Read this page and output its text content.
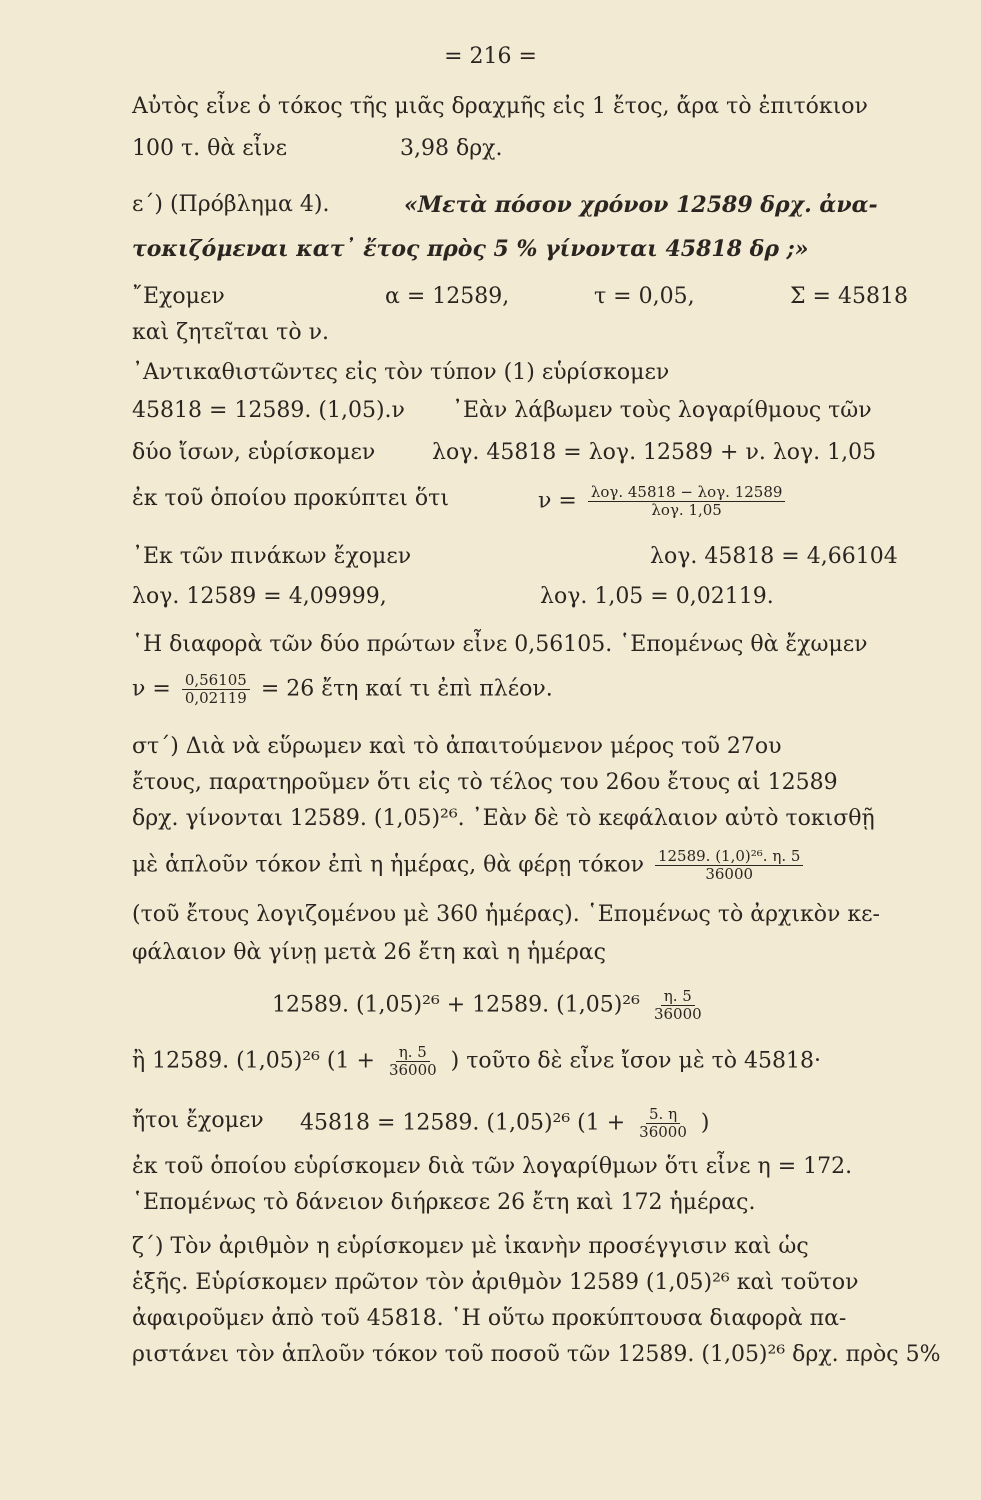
= 216 =
Αὐτὸς εἶνε ὁ τόκος τῆς μιᾶς δραχμῆς εἰς 1 ἔτος, ἄρα τὸ ἐπιτόκιον
100 τ. θὰ εἶνε	3,98 δρχ.
ε΄) (Πρόβλημα 4).	«Μετὰ πόσον χρόνον 12589 δρχ. ἀνα-
τοκιζόμεναι κατ᾽ ἔτος πρὸς 5 % γίνονται 45818 δρ ;»
῎Εχομεν	α = 12589,	τ = 0,05,	Σ = 45818
καὶ ζητεῖται τὸ ν.
᾽Αντικαθιστῶντες εἰς τὸν τύπον (1) εὑρίσκομεν
45818 = 12589. (1,05).ν ᾽Εὰν λάβωμεν τοὺς λογαρίθμους τῶν
δύο ἴσων, εὑρίσκομεν	λογ. 45818 = λογ. 12589 + ν. λογ. 1,05
ἐκ τοῦ ὁποίου προκύπτει ὅτι	$\nu = \frac{\text{λογ. 45818 − λογ. 12589}}{\text{λογ. 1,05}}$
᾽Εκ τῶν πινάκων ἔχομεν	λογ. 45818 = 4,66104
λογ. 12589 = 4,09999,	λογ. 1,05 = 0,02119.
῾Η διαφορὰ τῶν δύο πρώτων εἶνε 0,56105. ῾Επομένως θὰ ἔχωμεν
$\nu = \frac{0,56105}{0,02119} = 26$ ἔτη καί τι ἐπὶ πλέον.
στ΄) Διὰ νὰ εὕρωμεν καὶ τὸ ἀπαιτούμενον μέρος τοῦ 27ου
ἔτους, παρατηροῦμεν ὅτι εἰς τὸ τέλος του 26ου ἔτους αἱ 12589
δρχ. γίνονται 12589. (1,05)²⁶. ᾽Εὰν δὲ τὸ κεφάλαιον αὐτὸ τοκισθῇ
μὲ ἁπλοῦν τόκον ἐπὶ η ἡμέρας, θὰ φέρῃ τόκον $\frac{\text{12589. (1,0)²⁶. η. 5}}{36000}$
(τοῦ ἔτους λογιζομένου μὲ 360 ἡμέρας). ῾Επομένως τὸ ἀρχικὸν κε-
φάλαιον θὰ γίνῃ μετὰ 26 ἔτη καὶ η ἡμέρας
12589. (1,05)²⁶ + 12589. $(1,05)^{26} \frac{\eta. 5}{36000}$
ἢ 12589. (1,05)²⁶ ($1 + \frac{\eta. 5}{36000}$ ) τοῦτο δὲ εἶνε ἴσον μὲ τὸ 45818·
ἤτοι ἔχομεν 45818 = 12589. (1,05)²⁶ ($1 + \frac{5. \eta}{36000}$ )
ἐκ τοῦ ὁποίου εὑρίσκομεν διὰ τῶν λογαρίθμων ὅτι εἶνε η = 172.
῾Επομένως τὸ δάνειον διήρκεσε 26 ἔτη καὶ 172 ἡμέρας.
ζ΄) Τὸν ἀριθμὸν η εὑρίσκομεν μὲ ἱκανὴν προσέγγισιν καὶ ὡς
ἑξῆς. Εὑρίσκομεν πρῶτον τὸν ἀριθμὸν 12589 (1,05)²⁶ καὶ τοῦτον
ἀφαιροῦμεν ἀπὸ τοῦ 45818. ῾Η οὕτω προκύπτουσα διαφορὰ πα-
ριστάνει τὸν ἁπλοῦν τόκον τοῦ ποσοῦ τῶν 12589. (1,05)²⁶ δρχ. πρὸς 5%
